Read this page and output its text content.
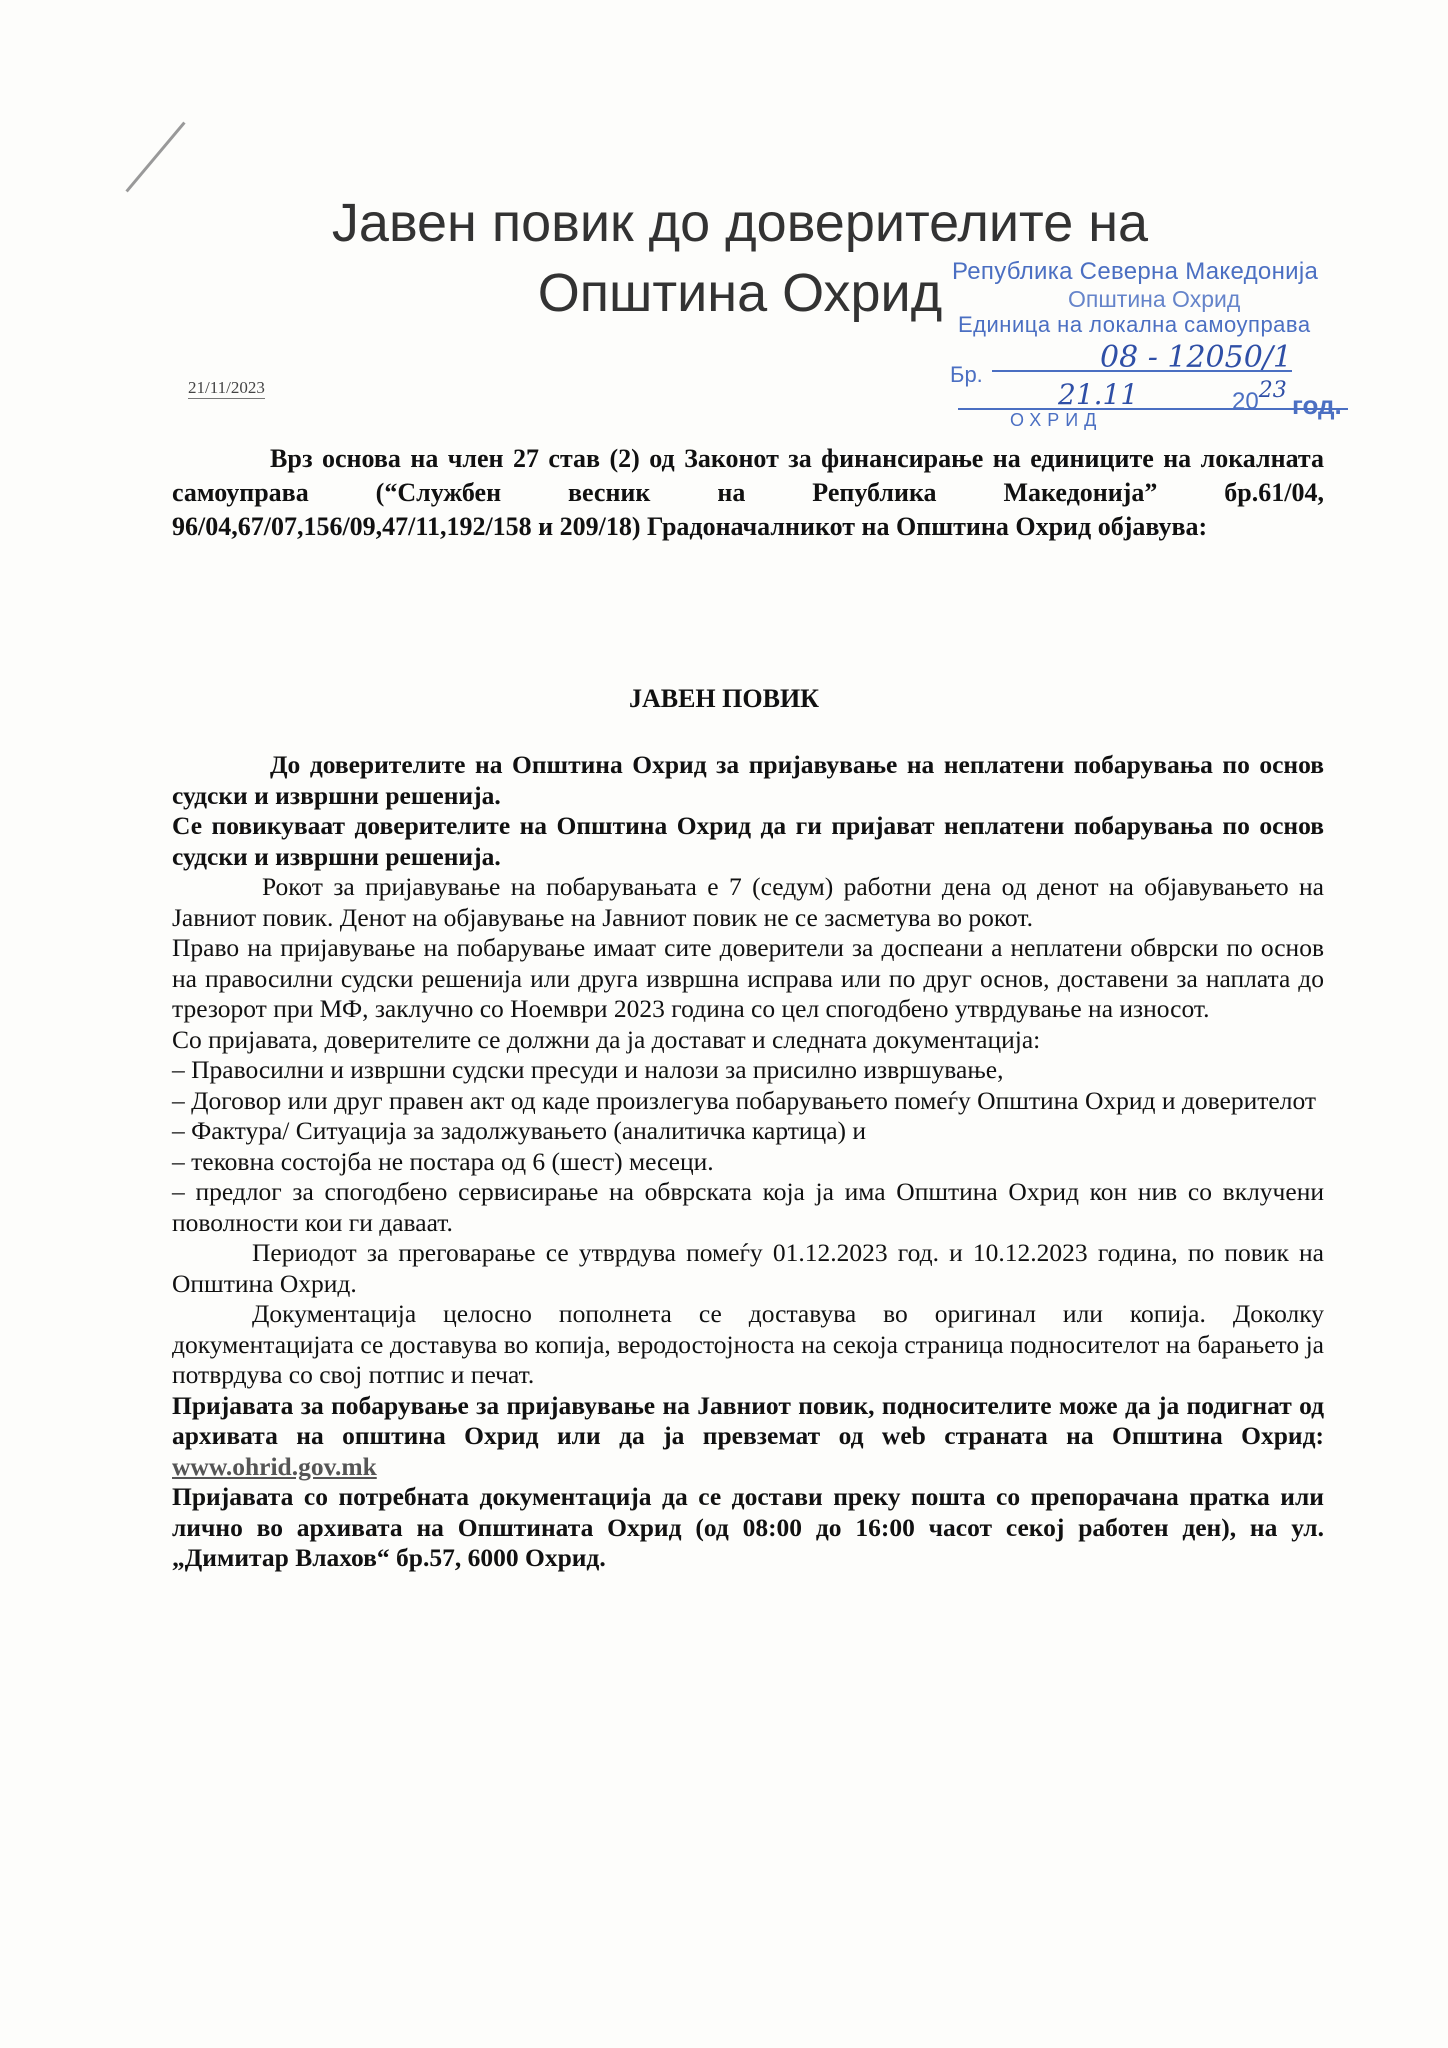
Јавен повик до доверителите на
Општина Охрид Република Северна Македонија
Општина Охрид
Единица на локална самоуправа
Бр.	08 - 12050/1
21.11	2023 год.
ОХРИД
21/11/2023
Врз основа на член 27 став (2) од Законот за финансирање на единиците на локалната самоуправа (“Службен весник на Република Македонија” бр.61/04, 96/04,67/07,156/09,47/11,192/158 и 209/18) Градоначалникот на Општина Охрид објавува:
ЈАВЕН ПОВИК

До доверителите на Општина Охрид за пријавување на неплатени побарувања по основ судски и извршни решенија.

Се повикуваат доверителите на Општина Охрид да ги пријават неплатени побарувања по основ судски и извршни решенија.

Рокот за пријавување на побарувањата е 7 (седум) работни дена од денот на објавувањето на Јавниот повик. Денот на објавување на Јавниот повик не се засметува во рокот.

Право на пријавување на побарување имаат сите доверители за доспеани а неплатени обврски по основ на правосилни судски решенија или друга извршна исправа или по друг основ, доставени за наплата до трезорот при МФ, заклучно со Ноември 2023 година со цел спогодбено утврдување на износот.

Со пријавата, доверителите се должни да ја достават и следната документација:

– Правосилни и извршни судски пресуди и налози за присилно извршување,

– Договор или друг правен акт од каде произлегува побарувањето помеѓу Општина Охрид и доверителот

– Фактура/ Ситуација за задолжувањето (аналитичка картица) и

– тековна состојба не постара од 6 (шест) месеци.

– предлог за спогодбено сервисирање на обврската која ја има Општина Охрид кон нив со вклучени поволности кои ги даваат.

Периодот за преговарање се утврдува помеѓу 01.12.2023 год. и 10.12.2023 година, по повик на Општина Охрид.

Документација целосно пополнета се доставува во оригинал или копија. Доколку документацијата се доставува во копија, веродостојноста на секоја страница подносителот на барањето ја потврдува со свој потпис и печат.

Пријавата за побарување за пријавување на Јавниот повик, подносителите може да ја подигнат од архивата на општина Охрид или да ја превземат од web страната на Општина Охрид: www.ohrid.gov.mk

Пријавата со потребната документација да се достави преку пошта со препорачана пратка или лично во архивата на Општината Охрид (од 08:00 до 16:00 часот секој работен ден), на ул. „Димитар Влахов“ бр.57, 6000 Охрид.
